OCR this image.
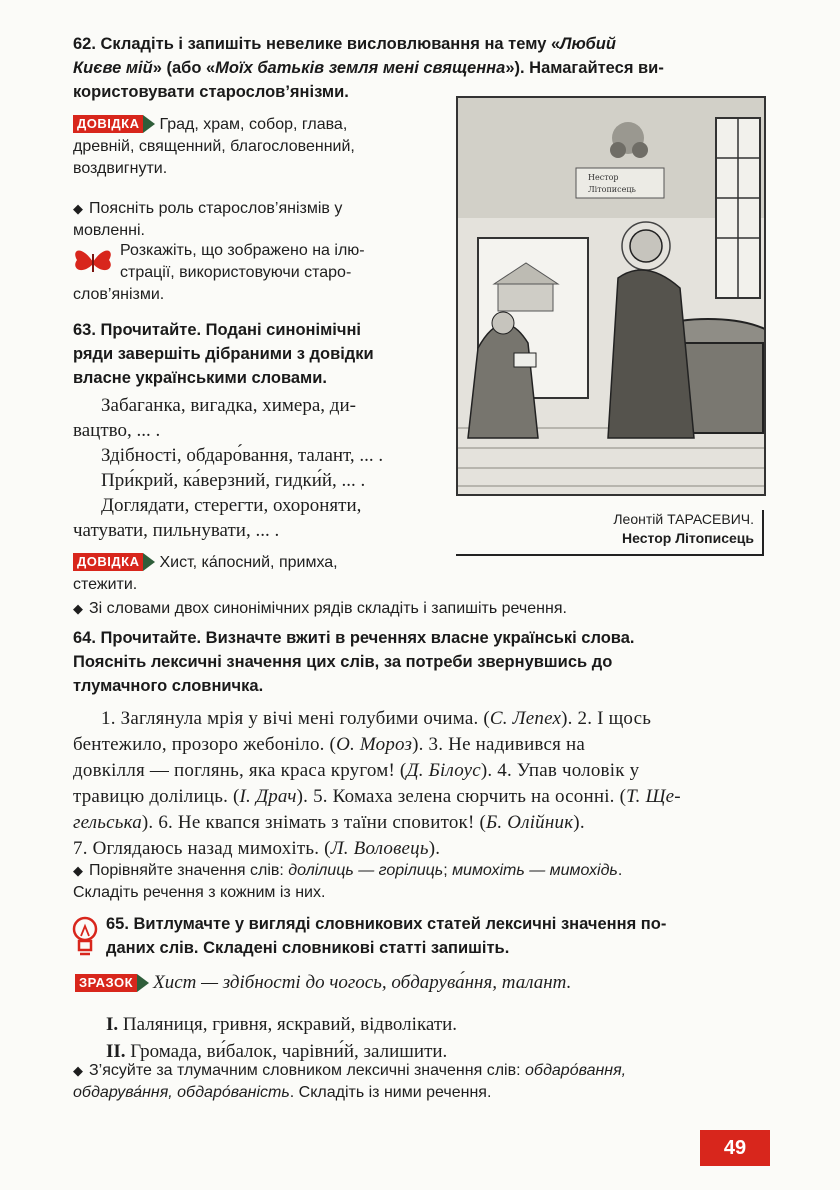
62. Складіть і запишіть невелике висловлювання на тему «Любий
Києве мій» (або «Моїх батьків земля мені священна»). Намагайтеся ви-
користовувати старослов’янізми.
ДОВІДКА Град, храм, собор, глава,
древній, священний, благословенний,
воздвигнути.
◆ Поясніть роль старослов’янізмів у
мовленні.
Розкажіть, що зображено на ілю-
страції, використовуючи старо-
слов’янізми.
63. Прочитайте. Подані синонімічні
ряди завершіть дібраними з довідки
власне українськими словами.
Забаганка, вигадка, химера, ди-
вацтво, ... .
Здібності, обдаро́вання, талант, ... .
При́крий, ка́верзний, гидки́й, ... .
Доглядати, стерегти, охороняти,
чатувати, пильнувати, ... .
ДОВІДКА Хист, ка́посний, примха,
стежити.
◆ Зі словами двох синонімічних рядів складіть і запишіть речення.
Нестор
Літописець
Леонтій ТАРАСЕВИЧ.
Нестор Літописець
64. Прочитайте. Визначте вжиті в реченнях власне українські слова.
Поясніть лексичні значення цих слів, за потреби звернувшись до
тлумачного словничка.
1. Заглянула мрія у вічі мені голубими очима. (С. Лепех). 2. І щось
бентежило, прозоро жебоніло. (О. Мороз). 3. Не надивився на
довкілля — поглянь, яка краса кругом! (Д. Білоус). 4. Упав чоловік у
травицю долілиць. (І. Драч). 5. Комаха зелена сюрчить на осонні. (Т. Ще-
гельська). 6. Не квапся знімать з таїни сповиток! (Б. Олійник).
7. Оглядаюсь назад мимохіть. (Л. Воловець).
◆ Порівняйте значення слів: долілиць — горілиць; мимохіть — мимохідь.
Складіть речення з кожним із них.
65. Витлумачте у вигляді словникових статей лексичні значення по-
даних слів. Складені словникові статті запишіть.
ЗРАЗОК Хист — здібності до чогось, обдарува́ння, талант.
І. Паляниця, гривня, яскравий, відволікати.
ІІ. Громада, ви́балок, чарівни́й, залишити.
◆ З’ясуйте за тлумачним словником лексичні значення слів: обдаро́вання,
обдарува́ння, обдаро́ваність. Складіть із ними речення.
49
